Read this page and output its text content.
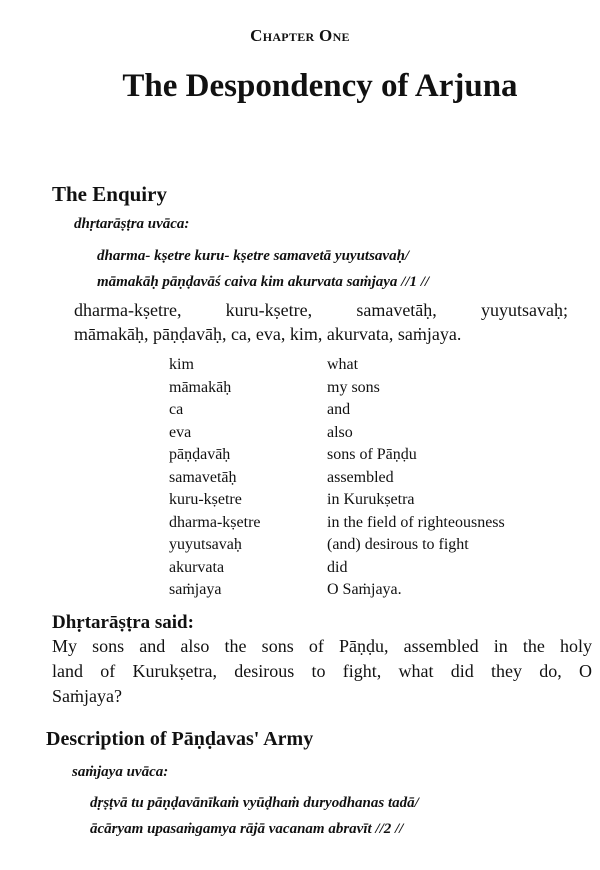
Chapter One
The Despondency of Arjuna
The Enquiry
dhṛtarāṣṭra uvāca:
dharma- kṣetre kuru- kṣetre samavetā yuyutsavaḥ/
māmakāḥ pāṇḍavāś caiva kim akurvata saṁjaya //1 //
dharma-kṣetre, kuru-kṣetre, samavetāḥ, yuyutsavaḥ;
māmakāḥ, pāṇḍavāḥ, ca, eva, kim, akurvata, saṁjaya.
kim	what
māmakāḥ	my sons
ca	and
eva	also
pāṇḍavāḥ	sons of Pāṇḍu
samavetāḥ	assembled
kuru-kṣetre	in Kurukṣetra
dharma-kṣetre	in the field of righteousness
yuyutsavaḥ	(and) desirous to fight
akurvata	did
saṁjaya	O Saṁjaya.
Dhṛtarāṣṭra said:
My sons and also the sons of Pāṇḍu, assembled in the holy
land of Kurukṣetra, desirous to fight, what did they do, O
Saṁjaya?
Description of Pāṇḍavas' Army
saṁjaya uvāca:
dṛṣṭvā tu pāṇḍavānīkaṁ vyūḍhaṁ duryodhanas tadā/
ācāryam upasaṁgamya rājā vacanam abravīt //2 //
